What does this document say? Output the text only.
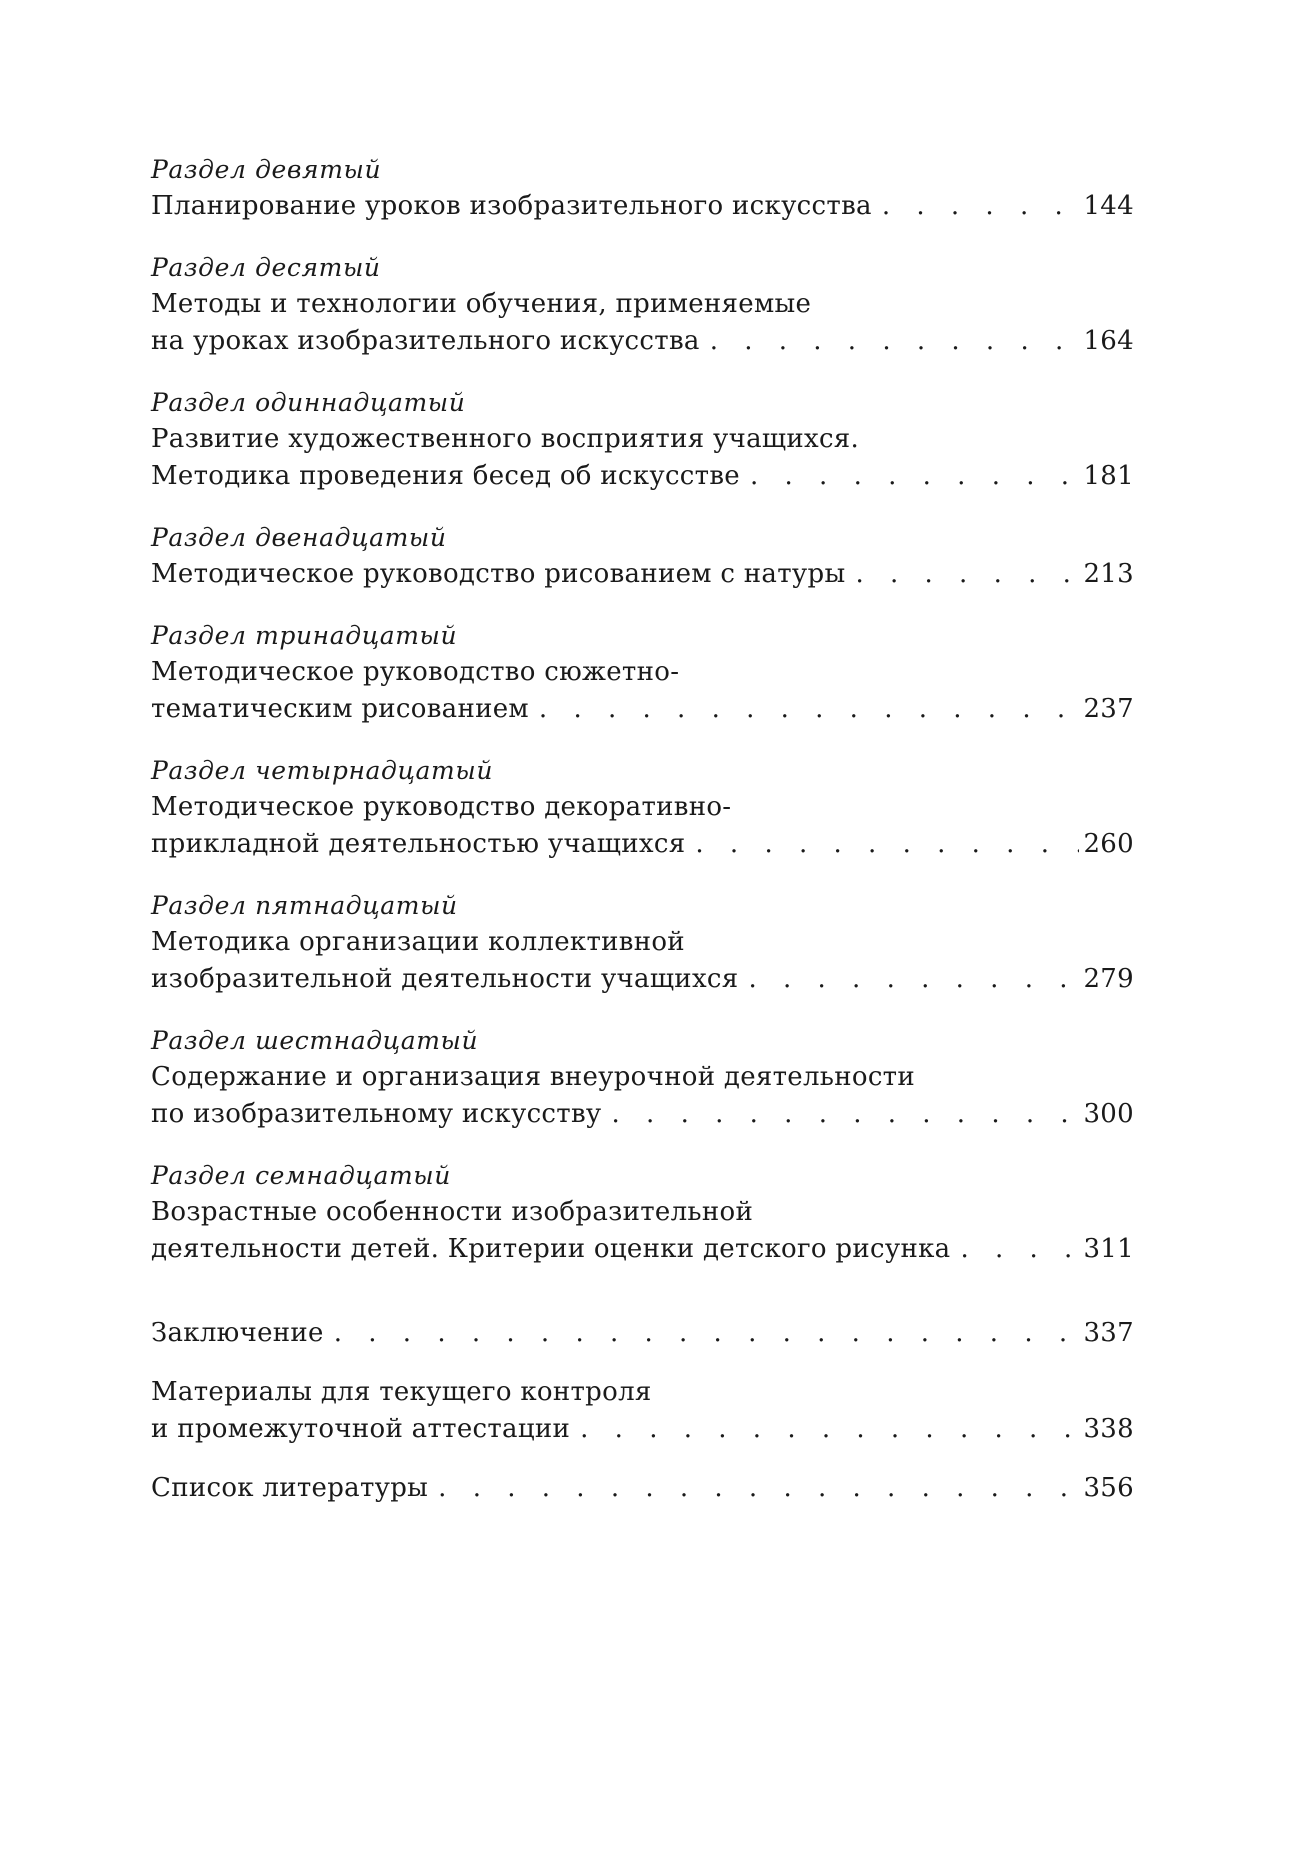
Раздел девятый
Планирование уроков изобразительного искусства . . .	144
Раздел десятый
Методы и технологии обучения, применяемые
на уроках изобразительного искусства . . .	164
Раздел одиннадцатый
Развитие художественного восприятия учащихся.
Методика проведения бесед об искусстве . . .	181
Раздел двенадцатый
Методическое руководство рисованием с натуры . . .	213
Раздел тринадцатый
Методическое руководство сюжетно-
тематическим рисованием . . .	237
Раздел четырнадцатый
Методическое руководство декоративно-
прикладной деятельностью учащихся . . .	260
Раздел пятнадцатый
Методика организации коллективной
изобразительной деятельности учащихся . . .	279
Раздел шестнадцатый
Содержание и организация внеурочной деятельности
по изобразительному искусству . . .	300
Раздел семнадцатый
Возрастные особенности изобразительной
деятельности детей. Критерии оценки детского рисунка . . .	311
Заключение . . .	337
Материалы для текущего контроля
и промежуточной аттестации . . .	338
Список литературы . . .	356
